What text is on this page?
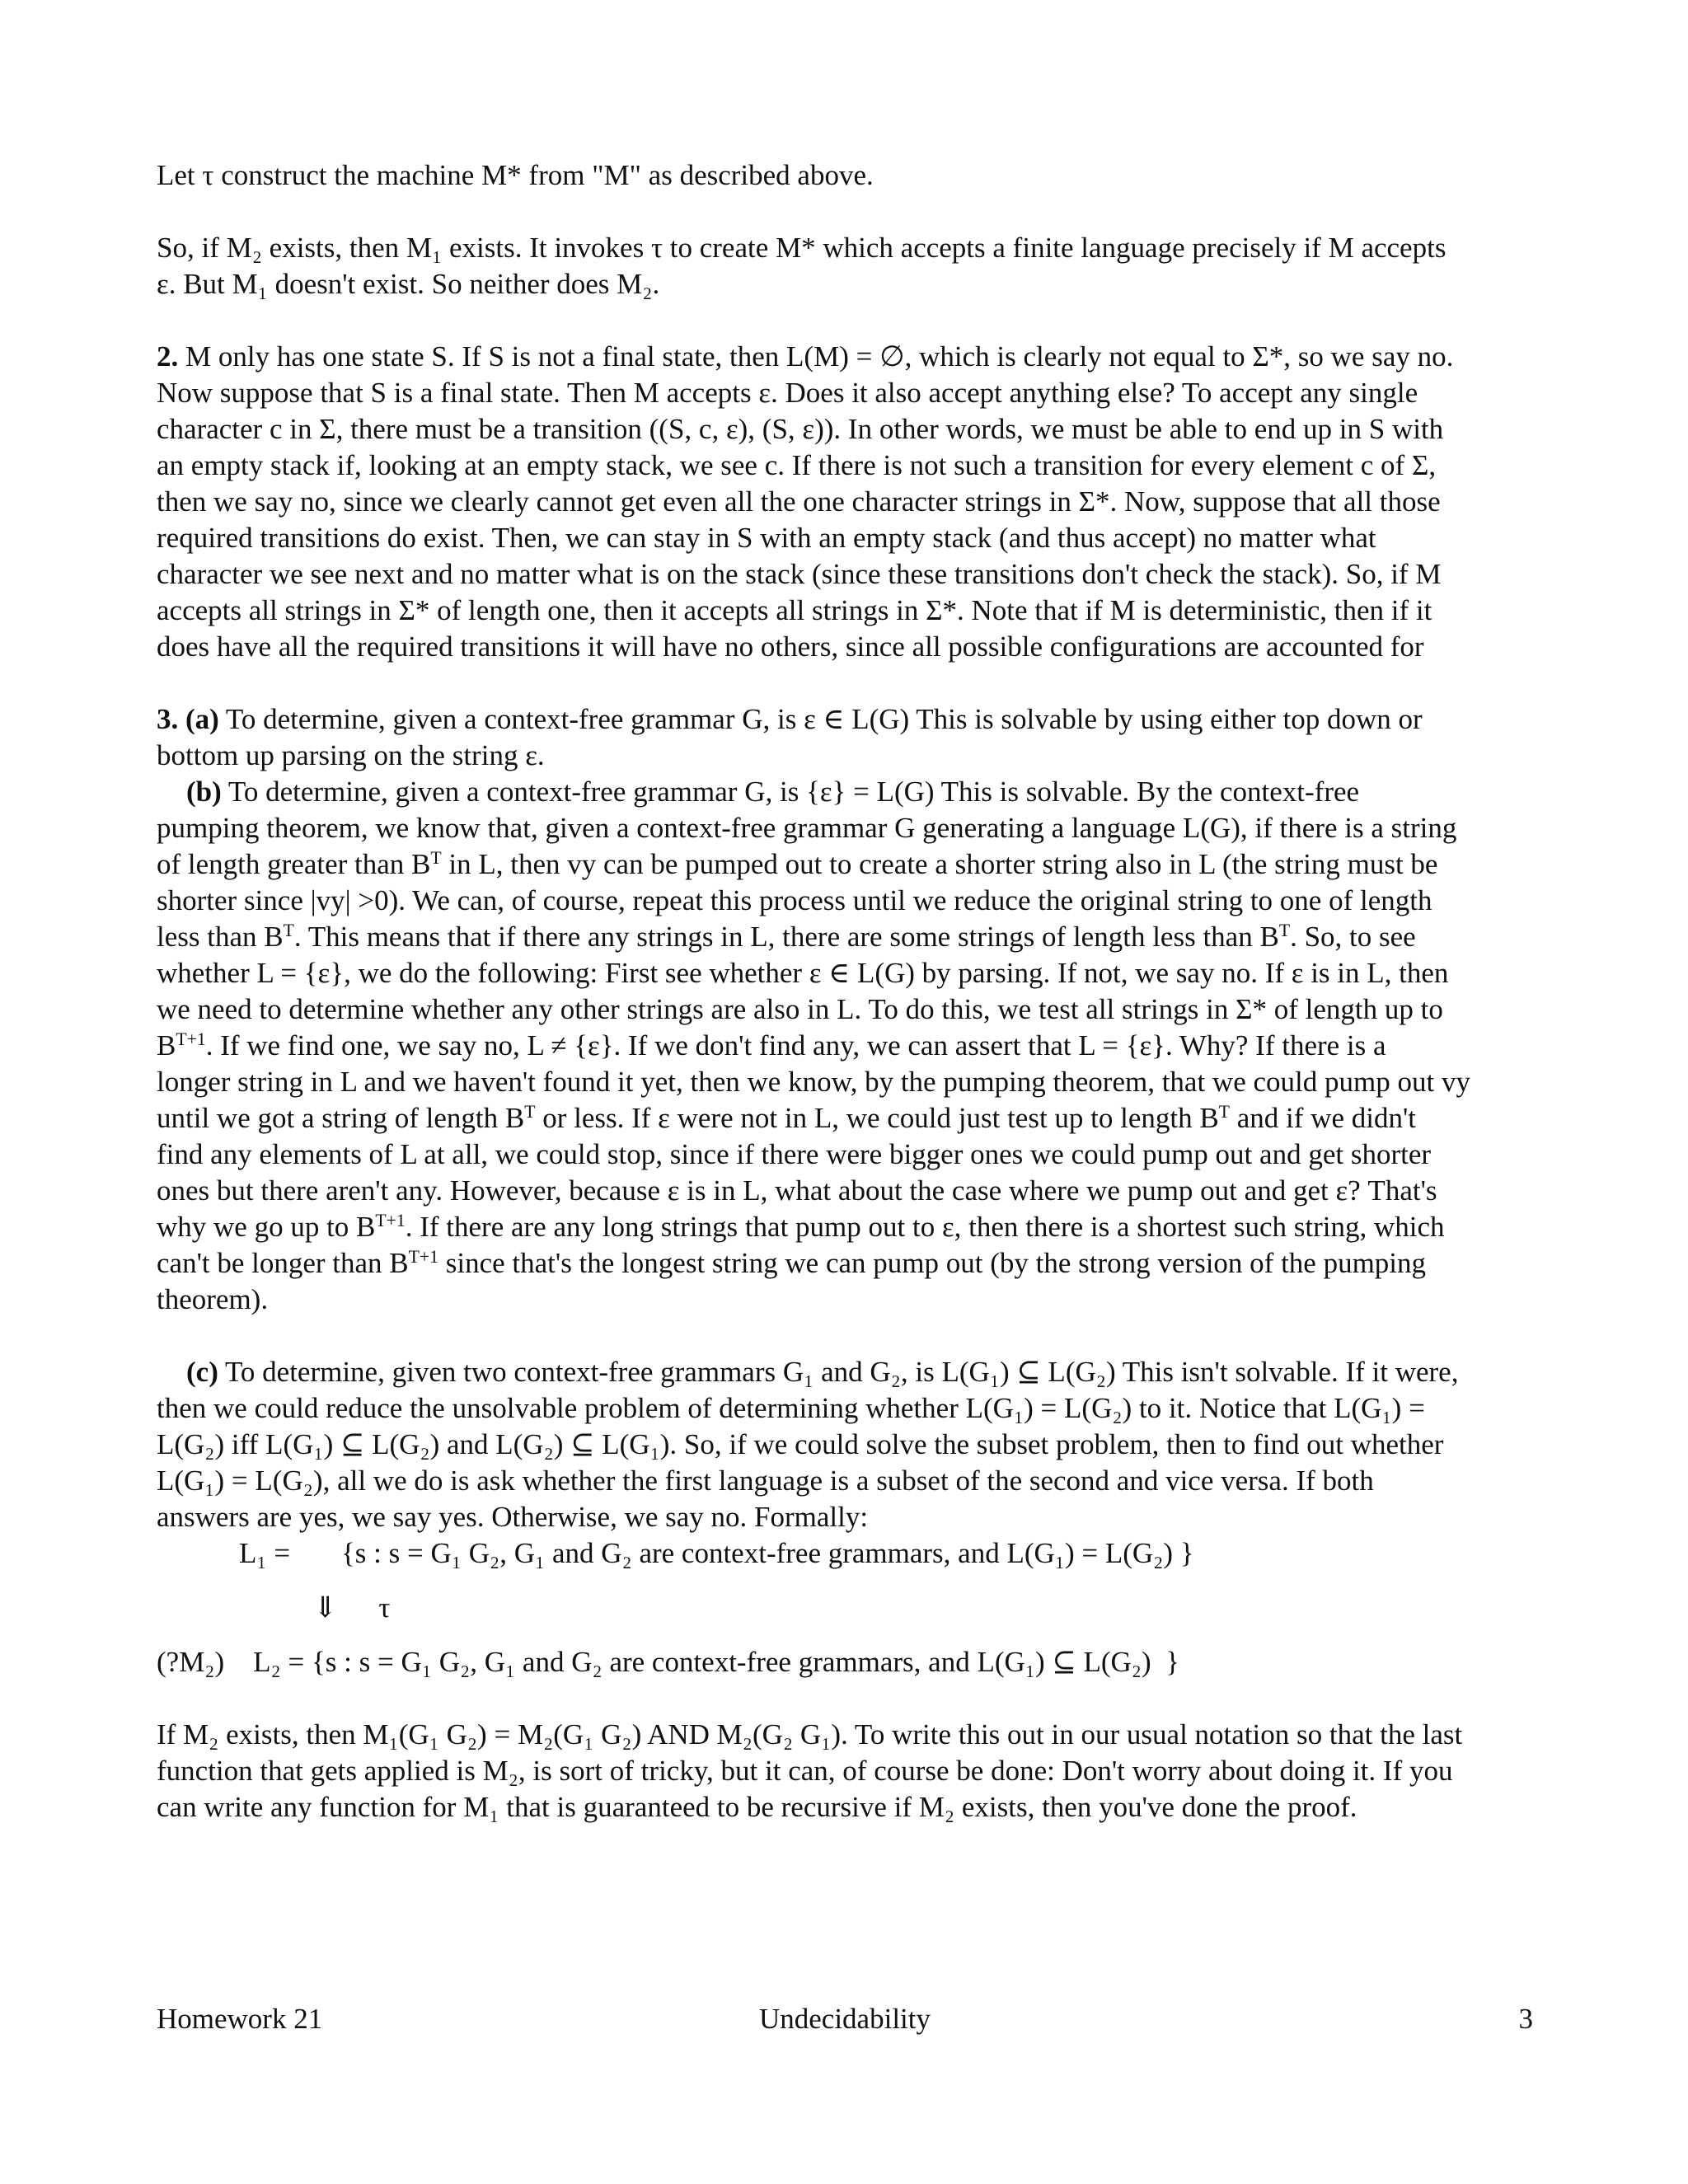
Let τ construct the machine M* from "M" as described above.
So, if M₂ exists, then M₁ exists. It invokes τ to create M* which accepts a finite language precisely if M accepts
ε. But M₁ doesn't exist. So neither does M₂.
2. M only has one state S. If S is not a final state, then L(M) = ∅, which is clearly not equal to Σ*, so we say no.
Now suppose that S is a final state. Then M accepts ε. Does it also accept anything else? To accept any single
character c in Σ, there must be a transition ((S, c, ε), (S, ε)). In other words, we must be able to end up in S with
an empty stack if, looking at an empty stack, we see c. If there is not such a transition for every element c of Σ,
then we say no, since we clearly cannot get even all the one character strings in Σ*. Now, suppose that all those
required transitions do exist. Then, we can stay in S with an empty stack (and thus accept) no matter what
character we see next and no matter what is on the stack (since these transitions don't check the stack). So, if M
accepts all strings in Σ* of length one, then it accepts all strings in Σ*. Note that if M is deterministic, then if it
does have all the required transitions it will have no others, since all possible configurations are accounted for
3. (a) To determine, given a context-free grammar G, is ε ∈ L(G) This is solvable by using either top down or
bottom up parsing on the string ε.
(b) To determine, given a context-free grammar G, is {ε} = L(G) This is solvable. By the context-free
pumping theorem, we know that, given a context-free grammar G generating a language L(G), if there is a string
of length greater than $B^T$ in L, then vy can be pumped out to create a shorter string also in L (the string must be
shorter since |vy| >0). We can, of course, repeat this process until we reduce the original string to one of length
less than $B^T$. This means that if there any strings in L, there are some strings of length less than $B^T$. So, to see
whether L = {ε}, we do the following: First see whether ε ∈ L(G) by parsing. If not, we say no. If ε is in L, then
we need to determine whether any other strings are also in L. To do this, we test all strings in Σ* of length up to
$B^{T+1}$. If we find one, we say no, L ≠ {ε}. If we don't find any, we can assert that L = {ε}. Why? If there is a
longer string in L and we haven't found it yet, then we know, by the pumping theorem, that we could pump out vy
until we got a string of length $B^T$ or less. If ε were not in L, we could just test up to length $B^T$ and if we didn't
find any elements of L at all, we could stop, since if there were bigger ones we could pump out and get shorter
ones but there aren't any. However, because ε is in L, what about the case where we pump out and get ε? That's
why we go up to $B^{T+1}$. If there are any long strings that pump out to ε, then there is a shortest such string, which
can't be longer than $B^{T+1}$ since that's the longest string we can pump out (by the strong version of the pumping
theorem).
(c) To determine, given two context-free grammars G₁ and G₂, is L(G₁) ⊆ L(G₂) This isn't solvable. If it were,
then we could reduce the unsolvable problem of determining whether L(G₁) = L(G₂) to it. Notice that L(G₁) =
L(G₂) iff L(G₁) ⊆ L(G₂) and L(G₂) ⊆ L(G₁). So, if we could solve the subset problem, then to find out whether
L(G₁) = L(G₂), all we do is ask whether the first language is a subset of the second and vice versa. If both
answers are yes, we say yes. Otherwise, we say no. Formally:
L₁ = {s : s = G₁ G₂, G₁ and G₂ are context-free grammars, and L(G₁) = L(G₂) }
⇓ τ
(?M₂)    L₂ = {s : s = G₁ G₂, G₁ and G₂ are context-free grammars, and L(G₁) ⊆ L(G₂)  }
If M₂ exists, then M₁(G₁ G₂) = M₂(G₁ G₂) AND M₂(G₂ G₁). To write this out in our usual notation so that the last
function that gets applied is M₂, is sort of tricky, but it can, of course be done: Don't worry about doing it. If you
can write any function for M₁ that is guaranteed to be recursive if M₂ exists, then you've done the proof.
Homework 21	Undecidability	3
